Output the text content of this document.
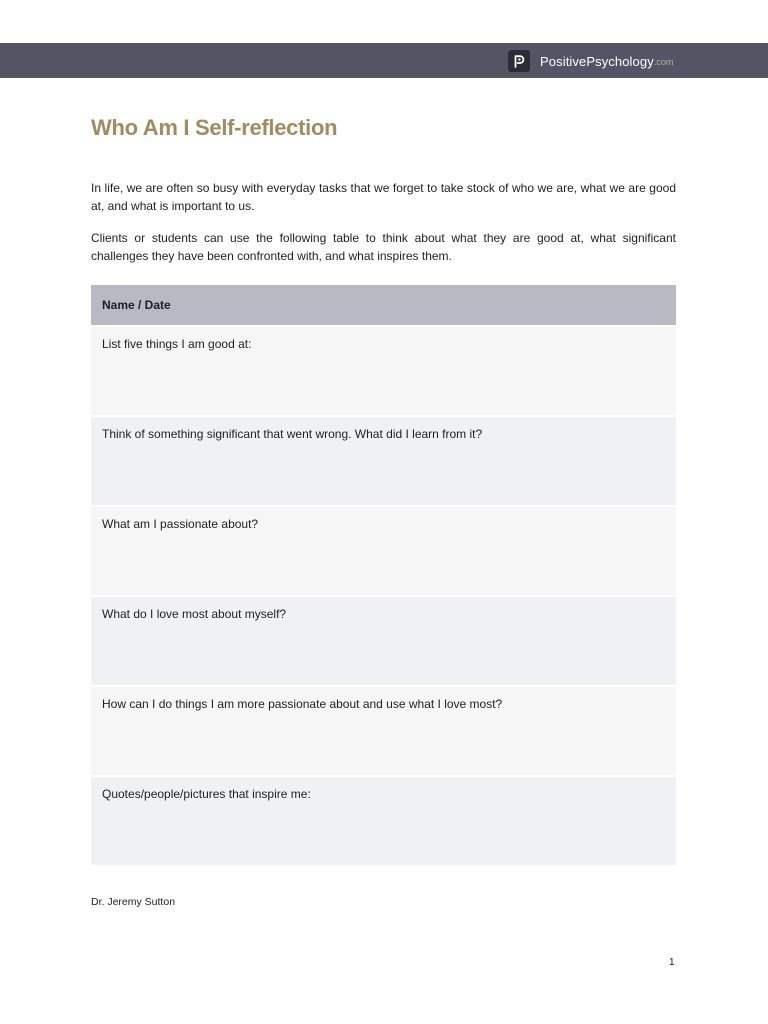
PositivePsychology .com
Who Am I Self-reflection

In life, we are often so busy with everyday tasks that we forget to take stock of who we are, what we are good at, and what is important to us.

Clients or students can use the following table to think about what they are good at, what significant challenges they have been confronted with, and what inspires them.

Name / Date
List five things I am good at:
Think of something significant that went wrong. What did I learn from it?
What am I passionate about?
What do I love most about myself?
How can I do things I am more passionate about and use what I love most?
Quotes/people/pictures that inspire me:
Dr. Jeremy Sutton
1
